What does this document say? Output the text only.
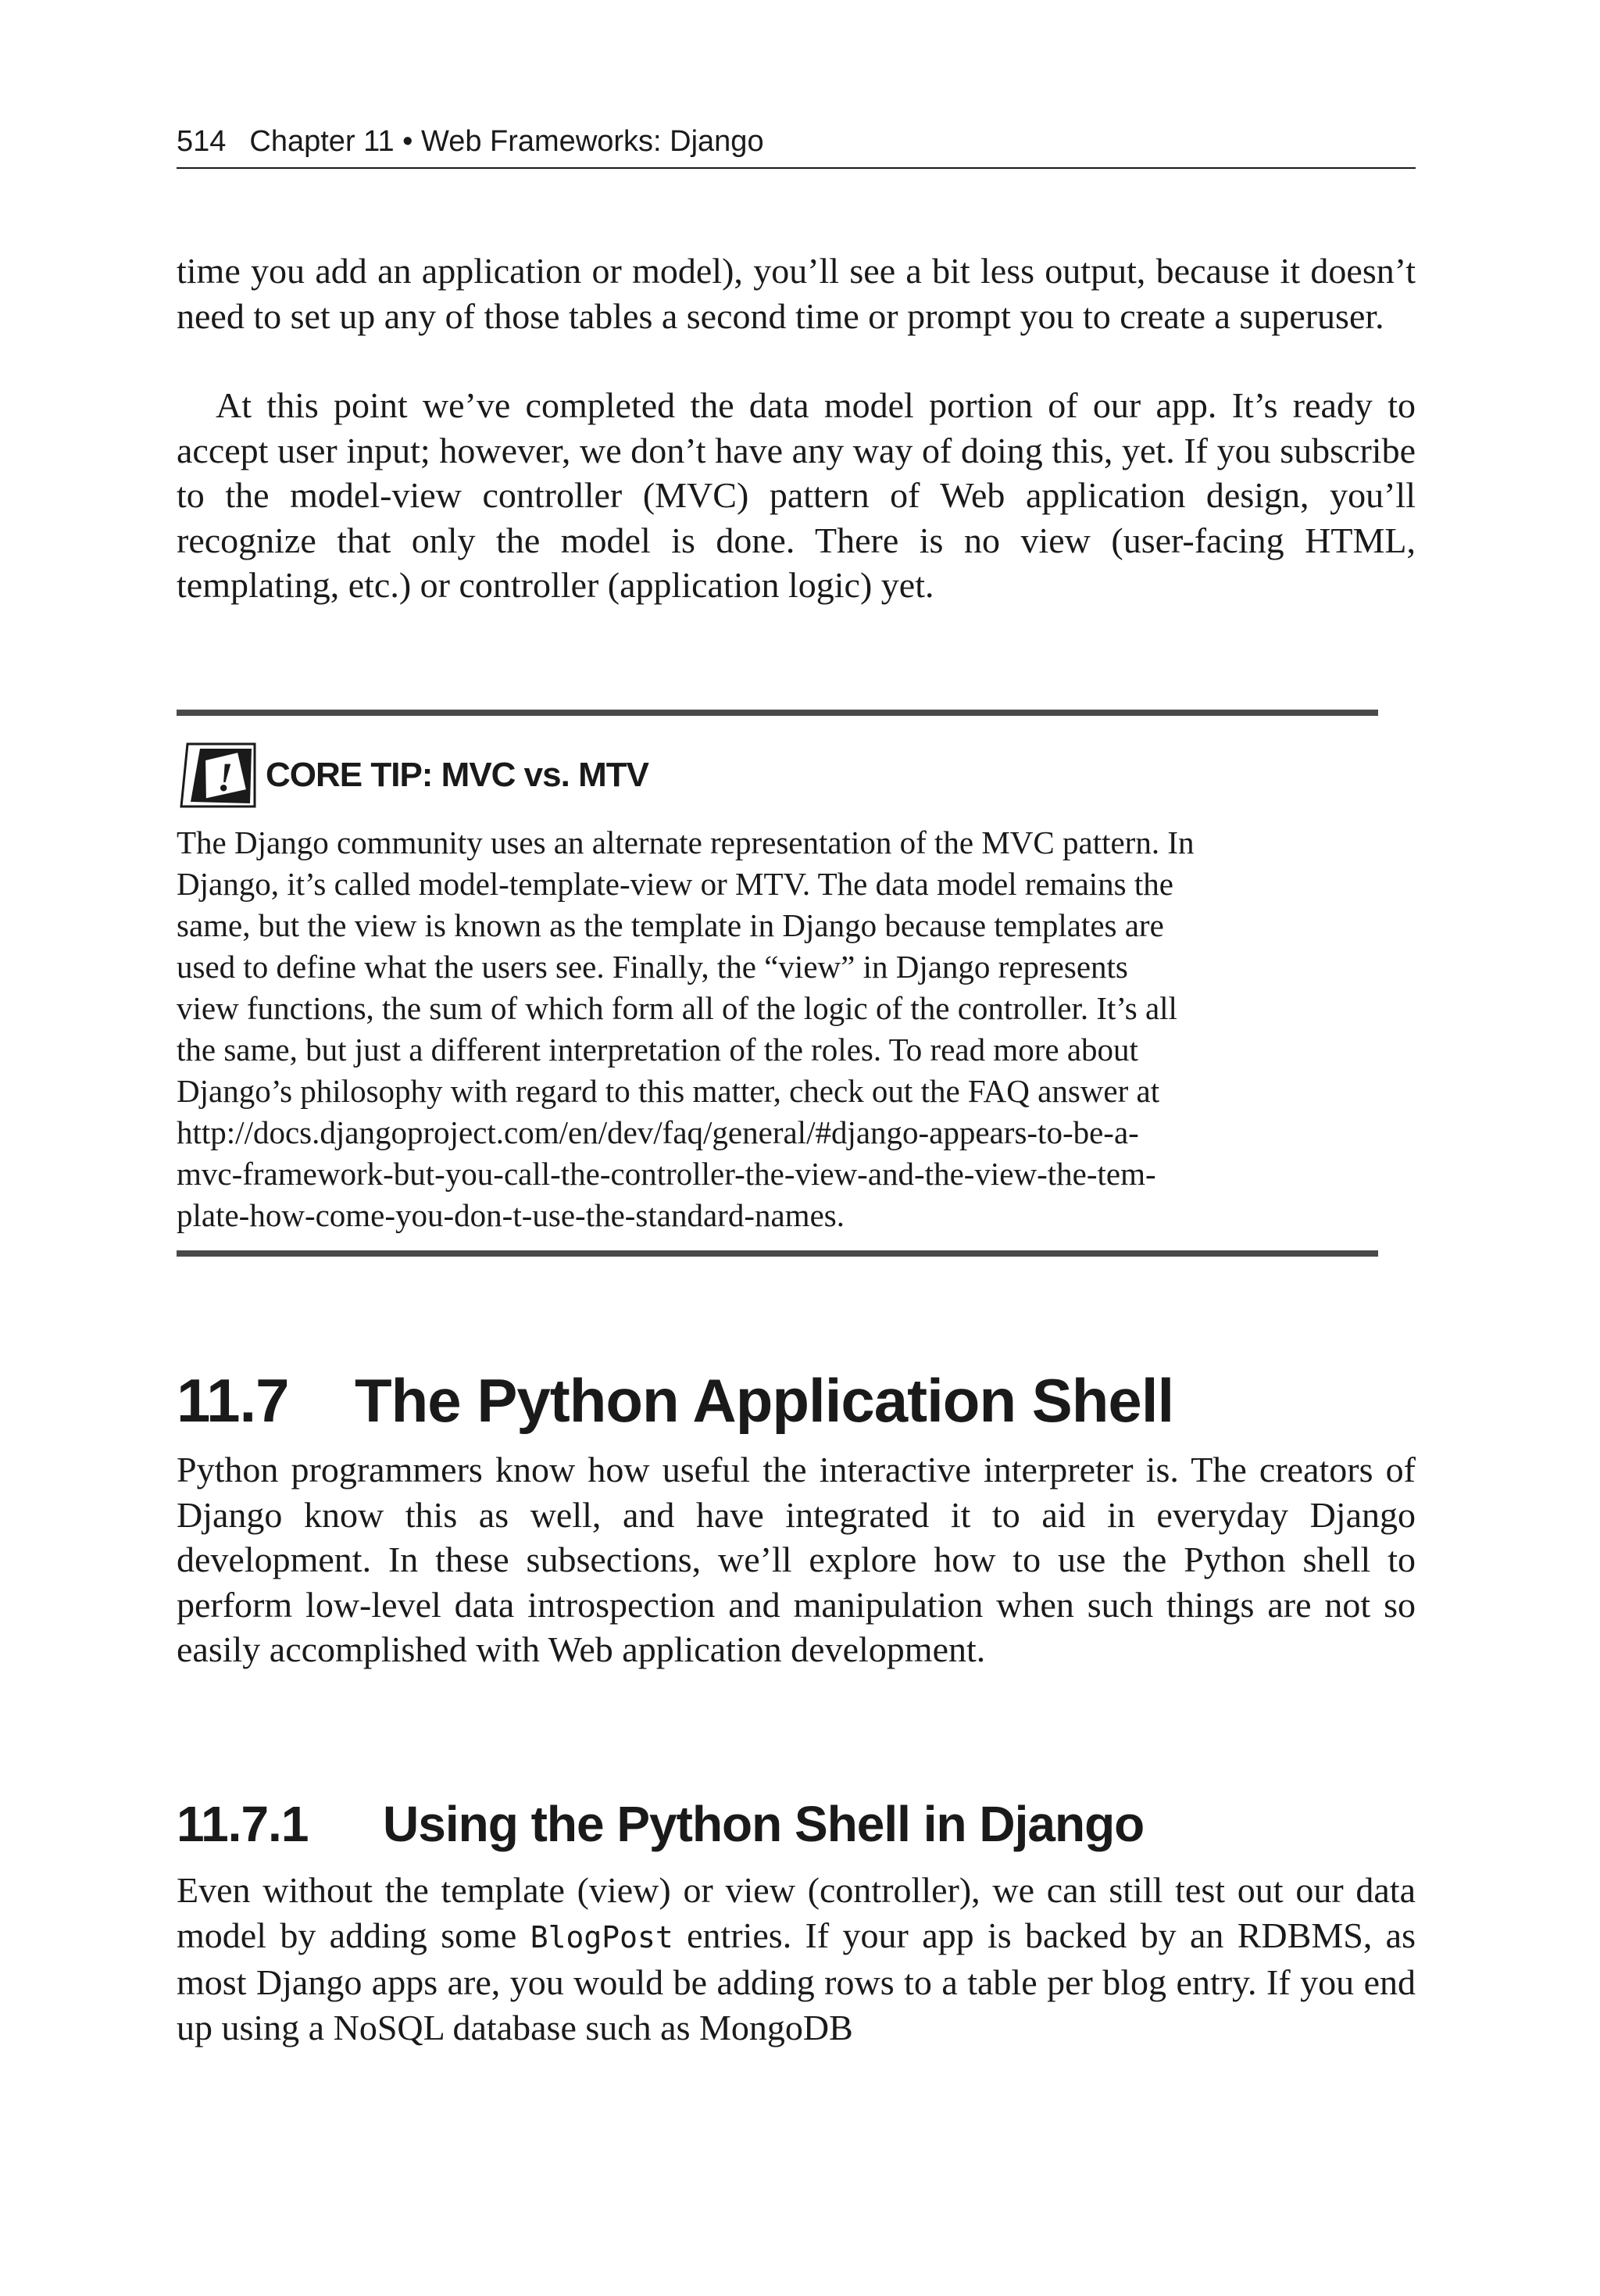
514 Chapter 11 • Web Frameworks: Django

time you add an application or model), you’ll see a bit less output, because it doesn’t need to set up any of those tables a second time or prompt you to create a superuser.

At this point we’ve completed the data model portion of our app. It’s ready to accept user input; however, we don’t have any way of doing this, yet. If you subscribe to the model-view controller (MVC) pattern of Web application design, you’ll recognize that only the model is done. There is no view (user-facing HTML, templating, etc.) or controller (application logic) yet.

! CORE TIP: MVC vs. MTV

The Django community uses an alternate representation of the MVC pattern. In
Django, it’s called model-template-view or MTV. The data model remains the
same, but the view is known as the template in Django because templates are
used to define what the users see. Finally, the “view” in Django represents
view functions, the sum of which form all of the logic of the controller. It’s all
the same, but just a different interpretation of the roles. To read more about
Django’s philosophy with regard to this matter, check out the FAQ answer at
http://docs.djangoproject.com/en/dev/faq/general/#django-appears-to-be-a-
mvc-framework-but-you-call-the-controller-the-view-and-the-view-the-tem-
plate-how-come-you-don-t-use-the-standard-names.

11.7 The Python Application Shell

Python programmers know how useful the interactive interpreter is. The creators of Django know this as well, and have integrated it to aid in everyday Django development. In these subsections, we’ll explore how to use the Python shell to perform low-level data introspection and manipulation when such things are not so easily accomplished with Web application development.

11.7.1 Using the Python Shell in Django

Even without the template (view) or view (controller), we can still test out our data model by adding some BlogPost entries. If your app is backed by an RDBMS, as most Django apps are, you would be adding rows to a table per blog entry. If you end up using a NoSQL database such as MongoDB
